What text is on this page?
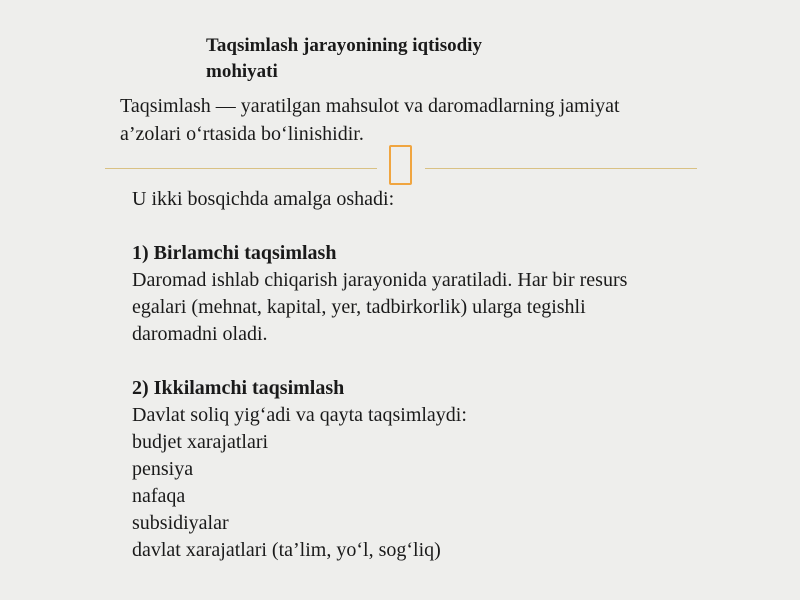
Taqsimlash jarayonining iqtisodiy
mohiyati
Taqsimlash — yaratilgan mahsulot va daromadlarning jamiyat
a’zolari o‘rtasida bo‘linishidir.

U ikki bosqichda amalga oshadi:

1) Birlamchi taqsimlash

Daromad ishlab chiqarish jarayonida yaratiladi. Har bir resurs

egalari (mehnat, kapital, yer, tadbirkorlik) ularga tegishli

daromadni oladi.

2) Ikkilamchi taqsimlash

Davlat soliq yig‘adi va qayta taqsimlaydi:

budjet xarajatlari
pensiya
nafaqa
subsidiyalar
davlat xarajatlari (ta’lim, yo‘l, sog‘liq)
